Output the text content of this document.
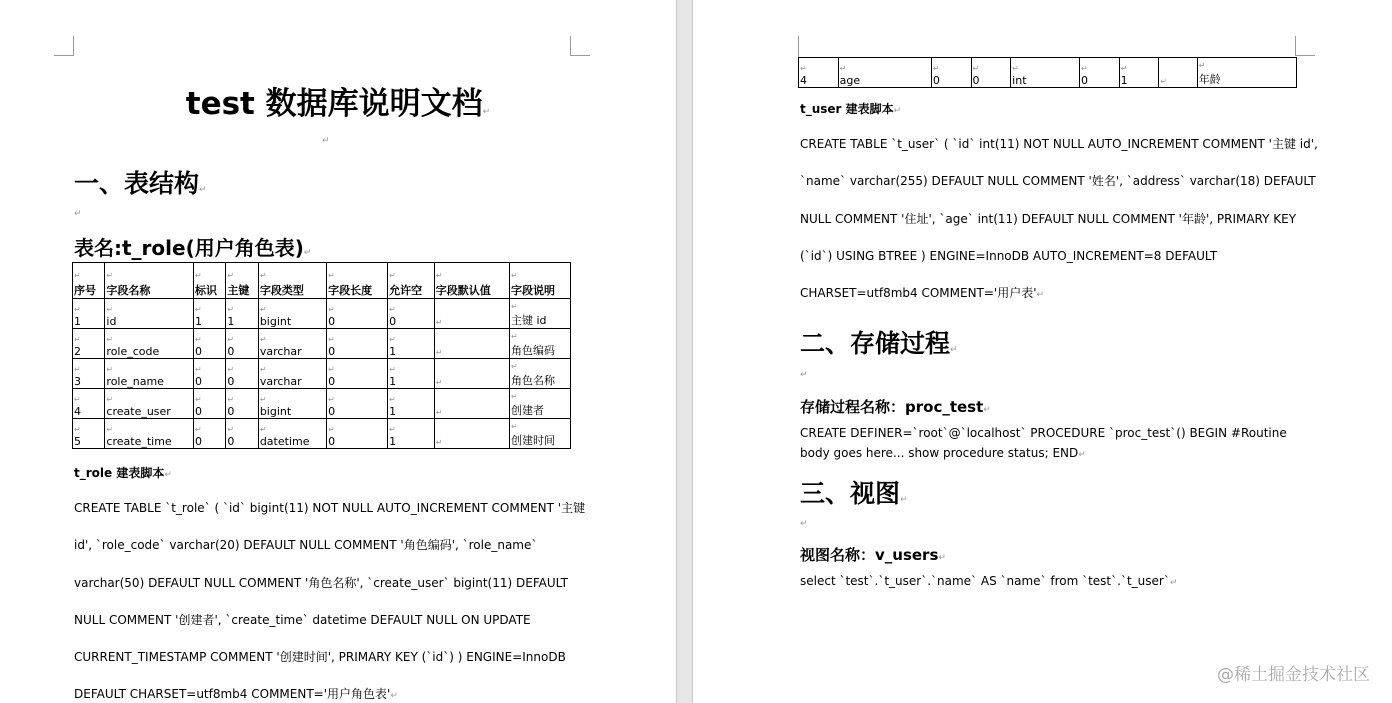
test 数据库说明文档 ↵
↵
一、表结构 ↵
↵
表名:t_role(用户角色表) ↵
↵ 序号	↵ 字段名称	↵ 标识	↵ 主键	↵ 字段类型	↵ 字段长度	↵ 允许空	↵ 字段默认值	↵ 字段说明
↵ 1	↵ id	↵ 1	↵ 1	↵ bigint	↵ 0	↵ 0	↵	↵ 主键 id
↵ 2	↵ role_code	↵ 0	↵ 0	↵ varchar	↵ 0	↵ 1	↵	↵ 角色编码
↵ 3	↵ role_name	↵ 0	↵ 0	↵ varchar	↵ 0	↵ 1	↵	↵ 角色名称
↵ 4	↵ create_user	↵ 0	↵ 0	↵ bigint	↵ 0	↵ 1	↵	↵ 创建者
↵ 5	↵ create_time	↵ 0	↵ 0	↵ datetime	↵ 0	↵ 1	↵	↵ 创建时间
t_role 建表脚本 ↵
CREATE TABLE `t_role` ( `id` bigint(11) NOT NULL AUTO_INCREMENT COMMENT '主键
id', `role_code` varchar(20) DEFAULT NULL COMMENT '角色编码', `role_name`
varchar(50) DEFAULT NULL COMMENT '角色名称', `create_user` bigint(11) DEFAULT
NULL COMMENT '创建者', `create_time` datetime DEFAULT NULL ON UPDATE
CURRENT_TIMESTAMP COMMENT '创建时间', PRIMARY KEY (`id`) ) ENGINE=InnoDB
DEFAULT CHARSET=utf8mb4 COMMENT='用户角色表' ↵
↵ 4	↵age	↵0	↵0	↵int	↵0	↵1	↵	↵年龄
t_user 建表脚本 ↵
CREATE TABLE `t_user` ( `id` int(11) NOT NULL AUTO_INCREMENT COMMENT '主键 id',
`name` varchar(255) DEFAULT NULL COMMENT '姓名', `address` varchar(18) DEFAULT
NULL COMMENT '住址', `age` int(11) DEFAULT NULL COMMENT '年龄', PRIMARY KEY
(`id`) USING BTREE ) ENGINE=InnoDB AUTO_INCREMENT=8 DEFAULT
CHARSET=utf8mb4 COMMENT='用户表' ↵
二、存储过程 ↵
↵
存储过程名称：proc_test ↵
CREATE DEFINER=`root`@`localhost` PROCEDURE `proc_test`() BEGIN #Routine
body goes here... show procedure status; END ↵
三、视图 ↵
↵
视图名称：v_users ↵
select `test`.`t_user`.`name` AS `name` from `test`.`t_user` ↵
@稀土掘金技术社区
